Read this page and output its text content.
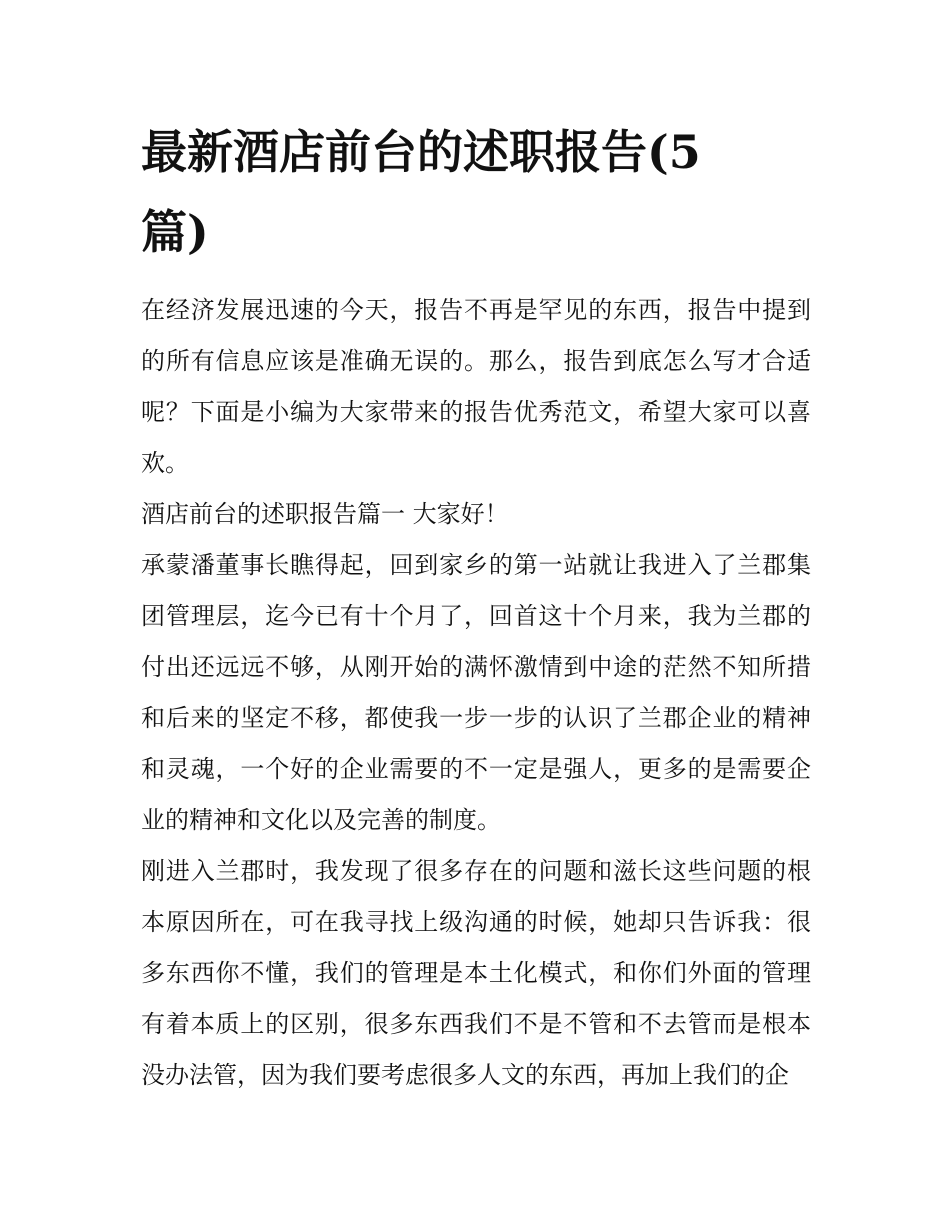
最新酒店前台的述职报告(5篇)

在经济发展迅速的今天，报告不再是罕见的东西，报告中提到的所有信息应该是准确无误的。那么，报告到底怎么写才合适呢？下面是小编为大家带来的报告优秀范文，希望大家可以喜欢。

酒店前台的述职报告篇一 大家好！

承蒙潘董事长瞧得起，回到家乡的第一站就让我进入了兰郡集团管理层，迄今已有十个月了，回首这十个月来，我为兰郡的付出还远远不够，从刚开始的满怀激情到中途的茫然不知所措和后来的坚定不移，都使我一步一步的认识了兰郡企业的精神和灵魂，一个好的企业需要的不一定是强人，更多的是需要企业的精神和文化以及完善的制度。

刚进入兰郡时，我发现了很多存在的问题和滋长这些问题的根本原因所在，可在我寻找上级沟通的时候，她却只告诉我：很多东西你不懂，我们的管理是本土化模式，和你们外面的管理有着本质上的区别，很多东西我们不是不管和不去管而是根本没办法管，因为我们要考虑很多人文的东西，再加上我们的企
